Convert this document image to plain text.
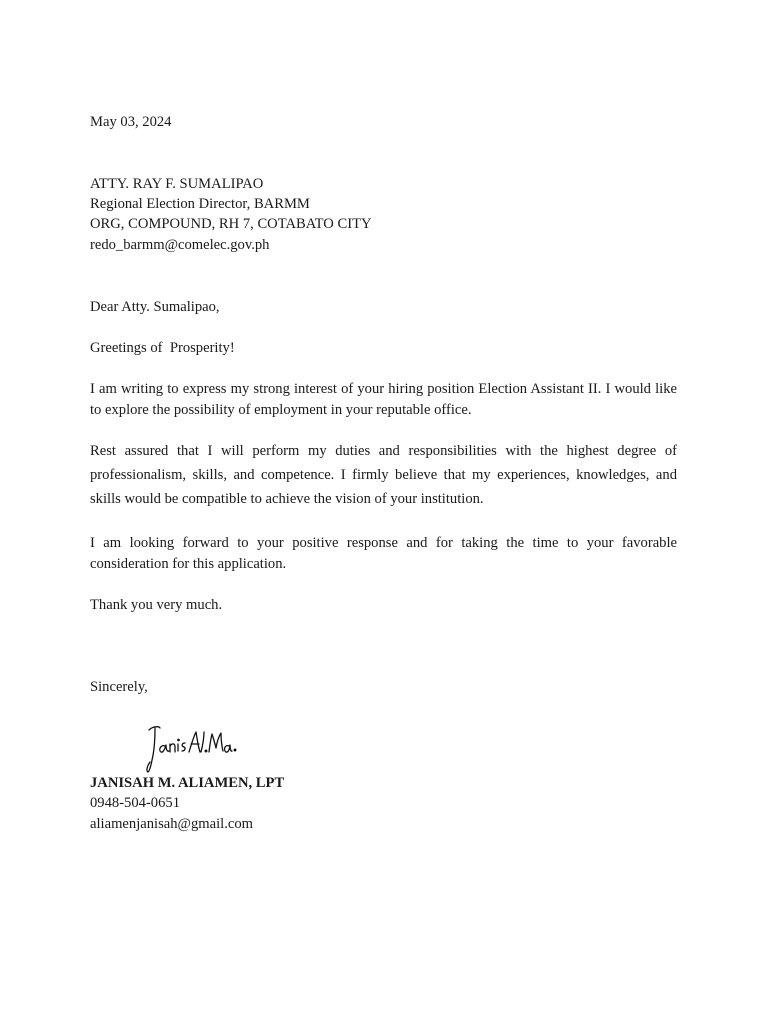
May 03, 2024
ATTY. RAY F. SUMALIPAO
Regional Election Director, BARMM
ORG, COMPOUND, RH 7, COTABATO CITY
redo_barmm@comelec.gov.ph
Dear Atty. Sumalipao,
Greetings of  Prosperity!
I am writing to express my strong interest of your hiring position Election Assistant II. I would like to explore the possibility of employment in your reputable office.
Rest assured that I will perform my duties and responsibilities with the highest degree of professionalism, skills, and competence. I firmly believe that my experiences, knowledges, and skills would be compatible to achieve the vision of your institution.
I am looking forward to your positive response and for taking the time to your favorable consideration for this application.
Thank you very much.
Sincerely,
JANISAH M. ALIAMEN, LPT
0948-504-0651
aliamenjanisah@gmail.com
